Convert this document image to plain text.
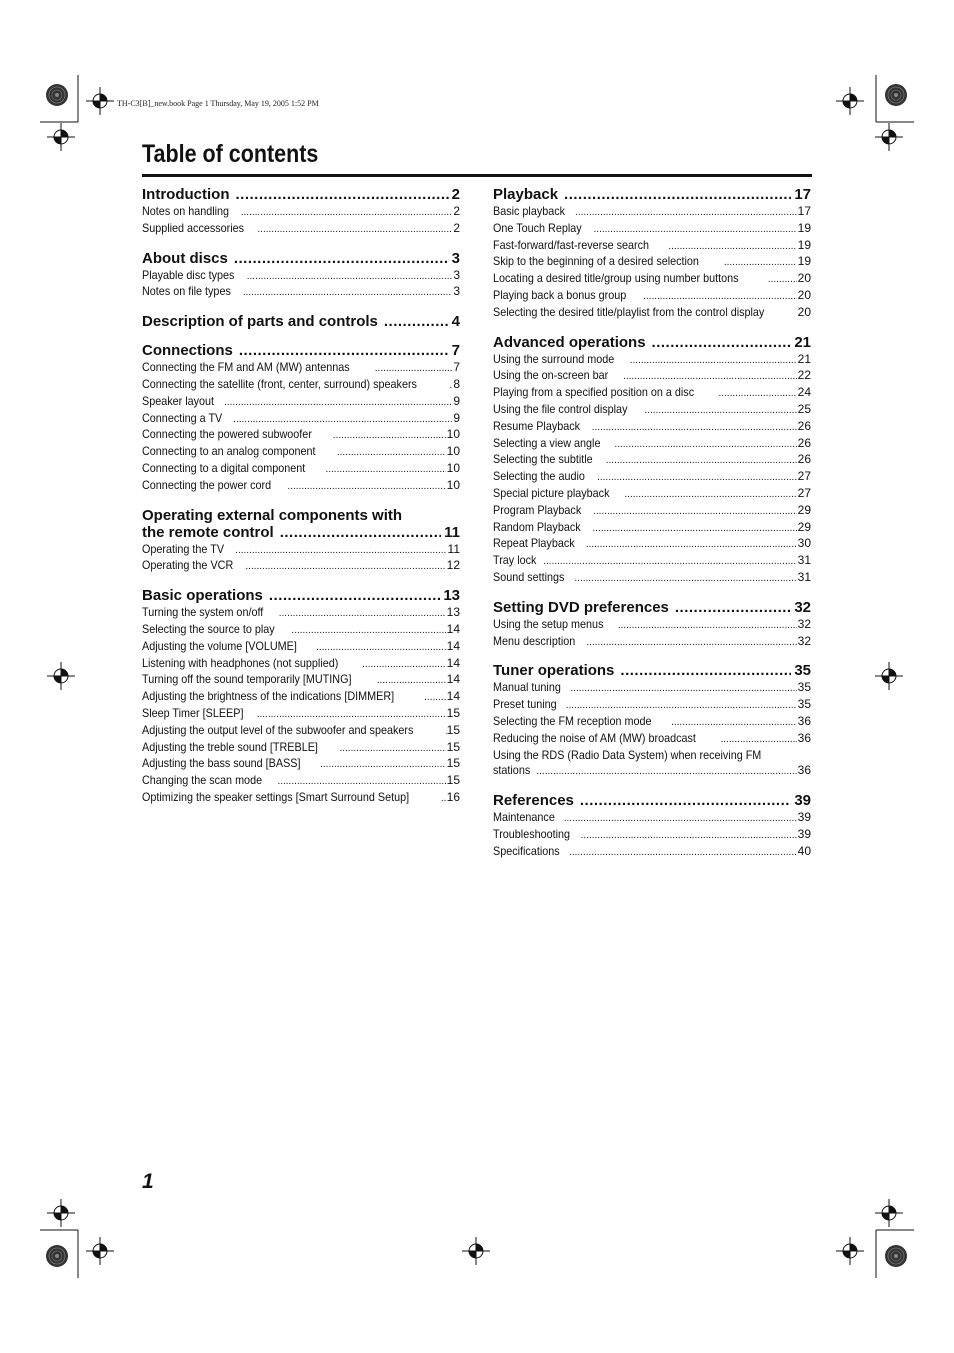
TH-C3[B]_new.book Page 1 Thursday, May 19, 2005 1:52 PM
Table of contents
Introduction .....	2
Notes on handling .....	2
Supplied accessories .....	2
About discs .....	3
Playable disc types .....	3
Notes on file types .....	3
Description of parts and controls .....	4
Connections .....	7
Connecting the FM and AM (MW) antennas .....	7
Connecting the satellite (front, center, surround) speakers .....	8
Speaker layout .....	9
Connecting a TV .....	9
Connecting the powered subwoofer .....	10
Connecting to an analog component .....	10
Connecting to a digital component .....	10
Connecting the power cord .....	10
Operating external components with
the remote control .....	11
Operating the TV .....	11
Operating the VCR .....	12
Basic operations .....	13
Turning the system on/off .....	13
Selecting the source to play .....	14
Adjusting the volume [VOLUME] .....	14
Listening with headphones (not supplied) .....	14
Turning off the sound temporarily [MUTING] .....	14
Adjusting the brightness of the indications [DIMMER] .....	14
Sleep Timer [SLEEP] .....	15
Adjusting the output level of the subwoofer and speakers .....	15
Adjusting the treble sound [TREBLE] .....	15
Adjusting the bass sound [BASS] .....	15
Changing the scan mode .....	15
Optimizing the speaker settings [Smart Surround Setup] .....	16
Playback .....	17
Basic playback .....	17
One Touch Replay .....	19
Fast-forward/fast-reverse search .....	19
Skip to the beginning of a desired selection .....	19
Locating a desired title/group using number buttons .....	20
Playing back a bonus group .....	20
Selecting the desired title/playlist from the control display .....	20
Advanced operations .....	21
Using the surround mode .....	21
Using the on-screen bar .....	22
Playing from a specified position on a disc .....	24
Using the file control display .....	25
Resume Playback .....	26
Selecting a view angle .....	26
Selecting the subtitle .....	26
Selecting the audio .....	27
Special picture playback .....	27
Program Playback .....	29
Random Playback .....	29
Repeat Playback .....	30
Tray lock .....	31
Sound settings .....	31
Setting DVD preferences .....	32
Using the setup menus .....	32
Menu description .....	32
Tuner operations .....	35
Manual tuning .....	35
Preset tuning .....	35
Selecting the FM reception mode .....	36
Reducing the noise of AM (MW) broadcast .....	36
Using the RDS (Radio Data System) when receiving FM
stations .....	36
References .....	39
Maintenance .....	39
Troubleshooting .....	39
Specifications .....	40
1
